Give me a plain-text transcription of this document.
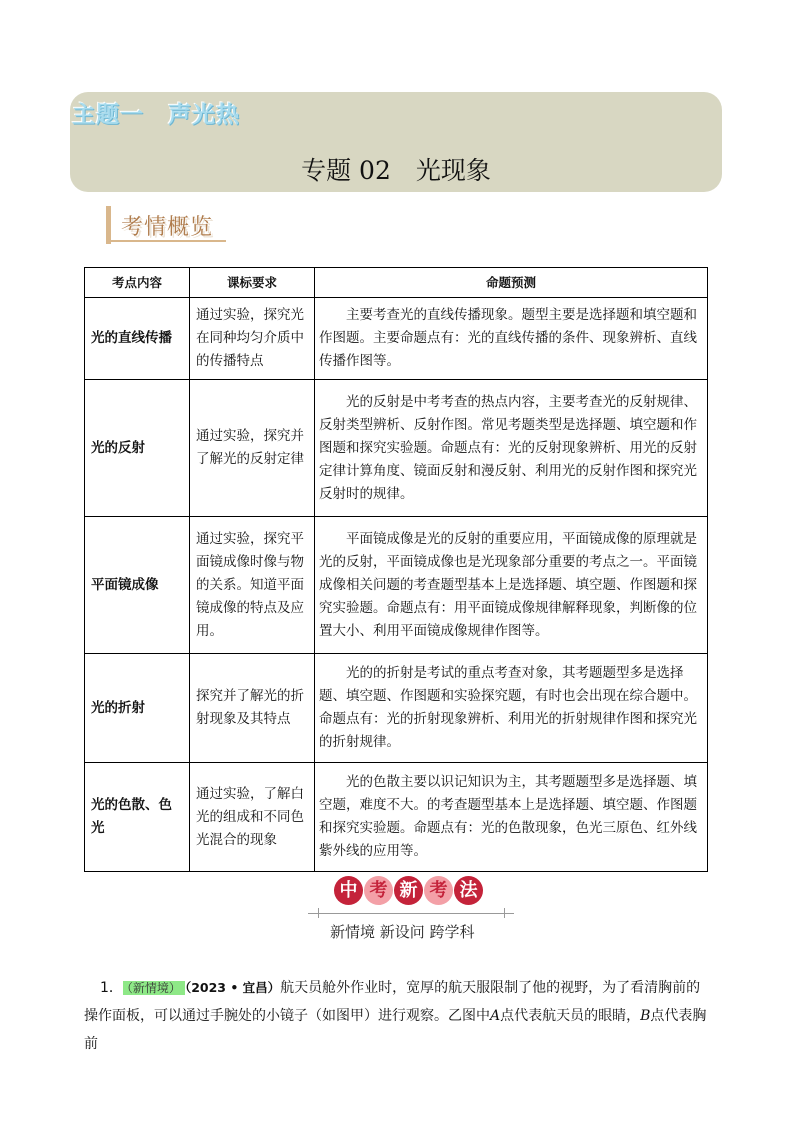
主题一　声光热
专题 02　光现象
考情概览
考点内容	课标要求	命题预测
光的直线传播	通过实验，探究光在同种均匀介质中的传播特点	主要考查光的直线传播现象。题型主要是选择题和填空题和作图题。主要命题点有：光的直线传播的条件、现象辨析、直线传播作图等。
光的反射	通过实验，探究并了解光的反射定律	光的反射是中考考查的热点内容，主要考查光的反射规律、反射类型辨析、反射作图。常见考题类型是选择题、填空题和作图题和探究实验题。命题点有：光的反射现象辨析、用光的反射定律计算角度、镜面反射和漫反射、利用光的反射作图和探究光反射时的规律。
平面镜成像	通过实验，探究平面镜成像时像与物的关系。知道平面镜成像的特点及应用。	平面镜成像是光的反射的重要应用，平面镜成像的原理就是光的反射，平面镜成像也是光现象部分重要的考点之一。平面镜成像相关问题的考查题型基本上是选择题、填空题、作图题和探究实验题。命题点有：用平面镜成像规律解释现象，判断像的位置大小、利用平面镜成像规律作图等。
光的折射	探究并了解光的折射现象及其特点	光的的折射是考试的重点考查对象，其考题题型多是选择题、填空题、作图题和实验探究题，有时也会出现在综合题中。命题点有：光的折射现象辨析、利用光的折射规律作图和探究光的折射规律。
光的色散、色光	通过实验，了解白光的组成和不同色光混合的现象	光的色散主要以识记知识为主，其考题题型多是选择题、填空题，难度不大。的考查题型基本上是选择题、填空题、作图题和探究实验题。命题点有：光的色散现象，色光三原色、红外线紫外线的应用等。
中 考 新 考 法
新情境 新设问 跨学科
1． （新情境） （2023 • 宜昌）航天员舱外作业时，宽厚的航天服限制了他的视野，为了看清胸前的
操作面板，可以通过手腕处的小镜子（如图甲）进行观察。乙图中A点代表航天员的眼睛，B点代表胸前
